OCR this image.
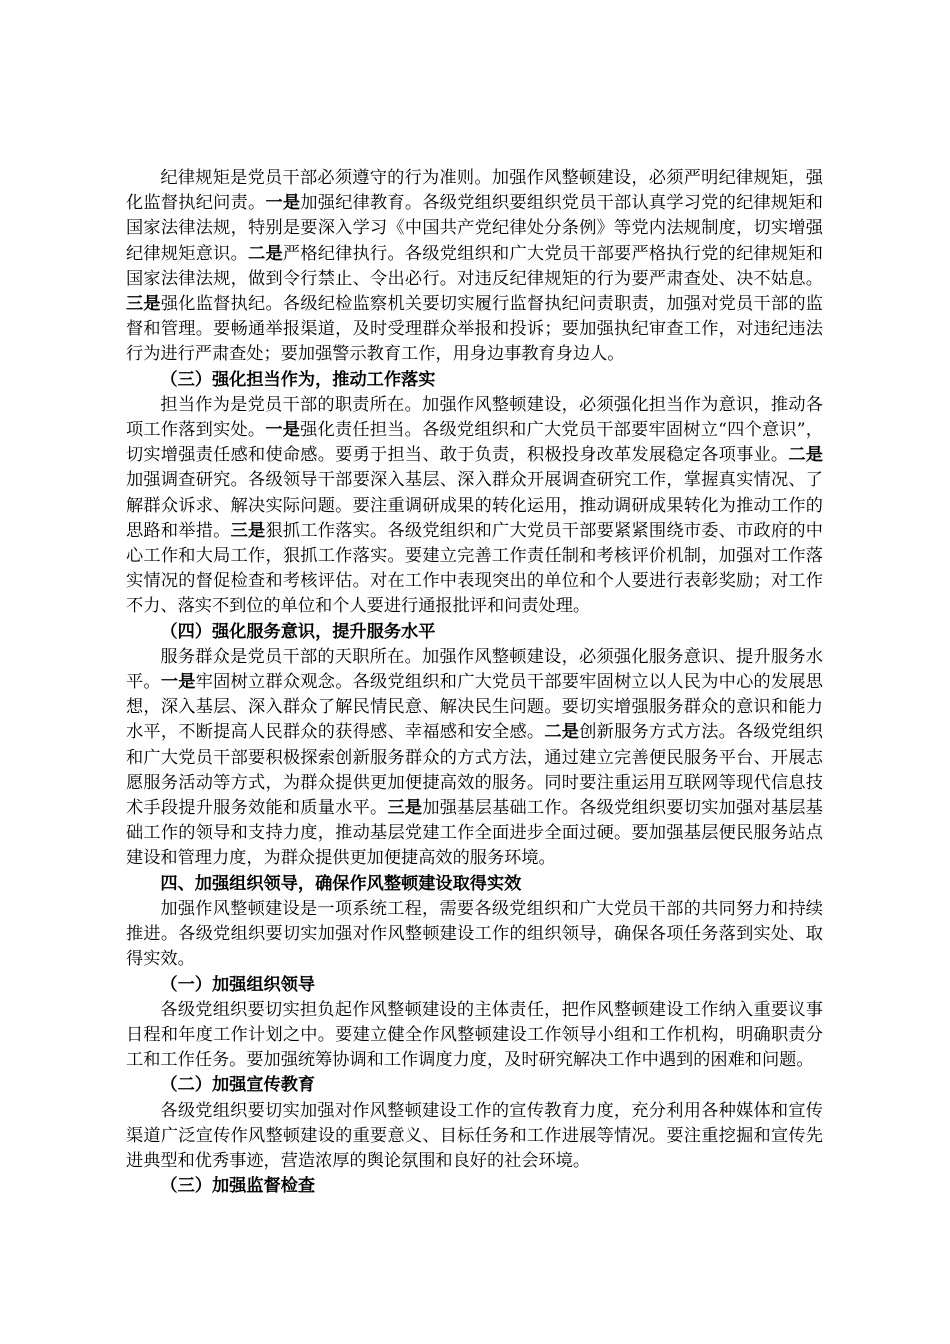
纪律规矩是党员干部必须遵守的行为准则。加强作风整顿建设，必须严明纪律规矩，强化监督执纪问责。一是加强纪律教育。各级党组织要组织党员干部认真学习党的纪律规矩和国家法律法规，特别是要深入学习《中国共产党纪律处分条例》等党内法规制度，切实增强纪律规矩意识。二是严格纪律执行。各级党组织和广大党员干部要严格执行党的纪律规矩和国家法律法规，做到令行禁止、令出必行。对违反纪律规矩的行为要严肃查处、决不姑息。三是强化监督执纪。各级纪检监察机关要切实履行监督执纪问责职责，加强对党员干部的监督和管理。要畅通举报渠道，及时受理群众举报和投诉；要加强执纪审查工作，对违纪违法行为进行严肃查处；要加强警示教育工作，用身边事教育身边人。

（三）强化担当作为，推动工作落实

担当作为是党员干部的职责所在。加强作风整顿建设，必须强化担当作为意识，推动各项工作落到实处。一是强化责任担当。各级党组织和广大党员干部要牢固树立“四个意识”，切实增强责任感和使命感。要勇于担当、敢于负责，积极投身改革发展稳定各项事业。二是加强调查研究。各级领导干部要深入基层、深入群众开展调查研究工作，掌握真实情况、了解群众诉求、解决实际问题。要注重调研成果的转化运用，推动调研成果转化为推动工作的思路和举措。三是狠抓工作落实。各级党组织和广大党员干部要紧紧围绕市委、市政府的中心工作和大局工作，狠抓工作落实。要建立完善工作责任制和考核评价机制，加强对工作落实情况的督促检查和考核评估。对在工作中表现突出的单位和个人要进行表彰奖励；对工作不力、落实不到位的单位和个人要进行通报批评和问责处理。

（四）强化服务意识，提升服务水平

服务群众是党员干部的天职所在。加强作风整顿建设，必须强化服务意识、提升服务水平。一是牢固树立群众观念。各级党组织和广大党员干部要牢固树立以人民为中心的发展思想，深入基层、深入群众了解民情民意、解决民生问题。要切实增强服务群众的意识和能力水平，不断提高人民群众的获得感、幸福感和安全感。二是创新服务方式方法。各级党组织和广大党员干部要积极探索创新服务群众的方式方法，通过建立完善便民服务平台、开展志愿服务活动等方式，为群众提供更加便捷高效的服务。同时要注重运用互联网等现代信息技术手段提升服务效能和质量水平。三是加强基层基础工作。各级党组织要切实加强对基层基础工作的领导和支持力度，推动基层党建工作全面进步全面过硬。要加强基层便民服务站点建设和管理力度，为群众提供更加便捷高效的服务环境。

四、加强组织领导，确保作风整顿建设取得实效

加强作风整顿建设是一项系统工程，需要各级党组织和广大党员干部的共同努力和持续推进。各级党组织要切实加强对作风整顿建设工作的组织领导，确保各项任务落到实处、取得实效。

（一）加强组织领导

各级党组织要切实担负起作风整顿建设的主体责任，把作风整顿建设工作纳入重要议事日程和年度工作计划之中。要建立健全作风整顿建设工作领导小组和工作机构，明确职责分工和工作任务。要加强统筹协调和工作调度力度，及时研究解决工作中遇到的困难和问题。

（二）加强宣传教育

各级党组织要切实加强对作风整顿建设工作的宣传教育力度，充分利用各种媒体和宣传渠道广泛宣传作风整顿建设的重要意义、目标任务和工作进展等情况。要注重挖掘和宣传先进典型和优秀事迹，营造浓厚的舆论氛围和良好的社会环境。

（三）加强监督检查
